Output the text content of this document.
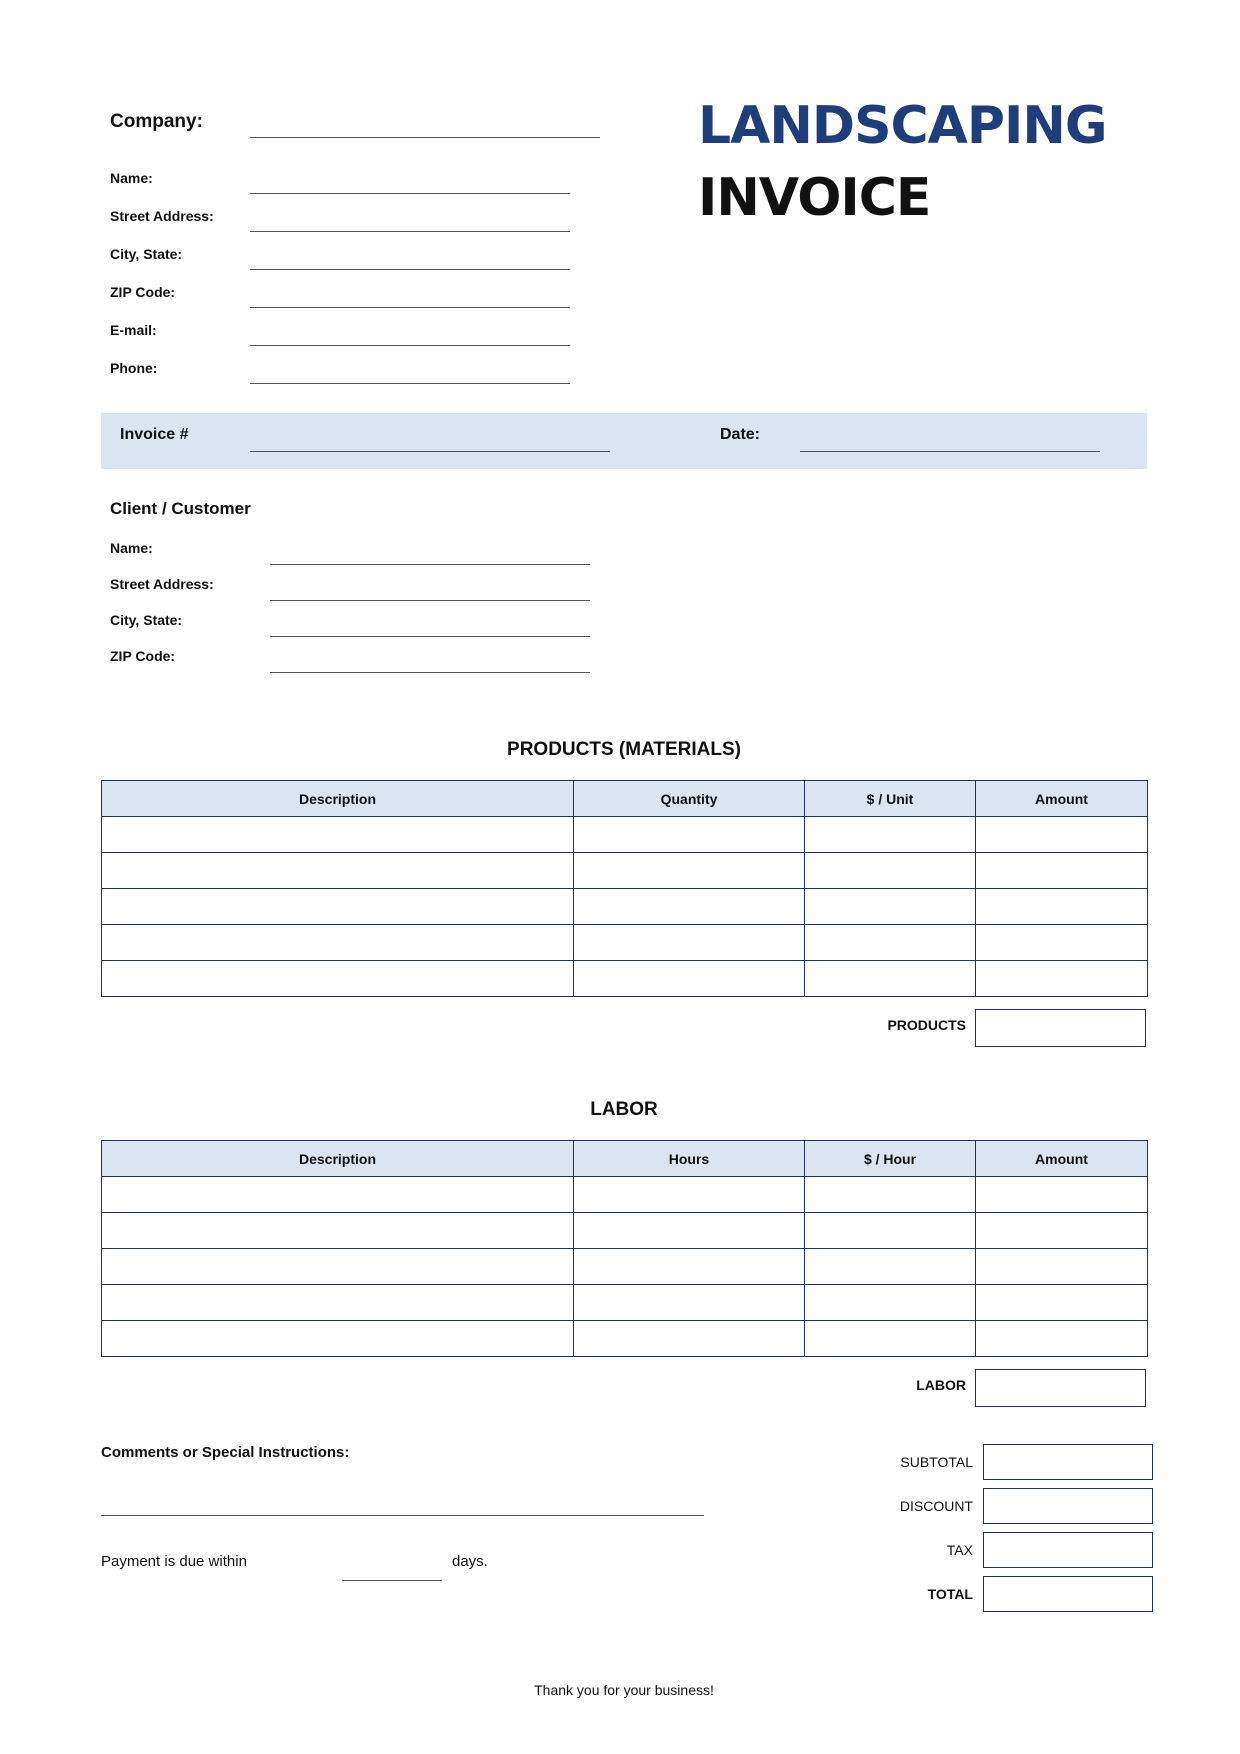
LANDSCAPING
INVOICE
Company:
Name:
Street Address:
City, State:
ZIP Code:
E-mail:
Phone:
Invoice #	Date:
Client / Customer
Name:
Street Address:
City, State:
ZIP Code:
PRODUCTS (MATERIALS)
Description	Quantity	$ / Unit	Amount

PRODUCTS
LABOR
Description	Hours	$ / Hour	Amount

LABOR
Comments or Special Instructions:
Payment is due within	days.
SUBTOTAL
DISCOUNT
TAX
TOTAL
Thank you for your business!
